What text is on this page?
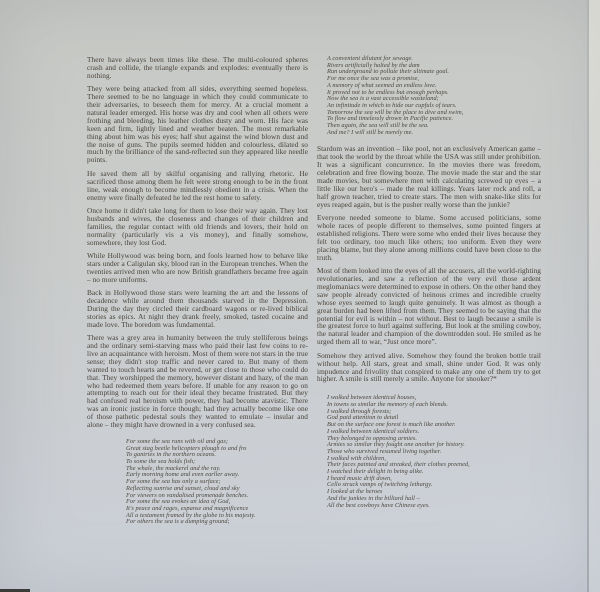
There have always been times like these. The multi-coloured spheres crash and collide, the triangle expands and explodes: eventually there is nothing.

They were being attacked from all sides, everything seemed hopeless. There seemed to be no language in which they could communicate to their adversaries, to beseech them for mercy. At a crucial moment a natural leader emerged. His horse was dry and cool when all others were frothing and bleeding, his leather clothes dusty and worn. His face was keen and firm, lightly lined and weather beaten. The most remarkable thing about him was his eyes; half shut against the wind blown dust and the noise of guns. The pupils seemed hidden and colourless, dilated so much by the brilliance of the sand-reflected sun they appeared like needle points.

He saved them all by skilful organising and rallying rhetoric. He sacrificed those among them he felt were strong enough to be in the front line, weak enough to become mindlessly obedient in a crisis. When the enemy were finally defeated he led the rest home to safety.

Once home it didn't take long for them to lose their way again. They lost husbands and wives, the closeness and changes of their children and families, the regular contact with old friends and lovers, their hold on normality (particularly vis a vis money), and finally somehow, somewhere, they lost God.

While Hollywood was being born, and fools learned how to behave like stars under a Caligulan sky, blood ran in the European trenches. When the twenties arrived men who are now British grandfathers became free again – no more uniforms.

Back in Hollywood those stars were learning the art and the lessons of decadence while around them thousands starved in the Depression. During the day they circled their cardboard wagons or re-lived biblical stories as epics. At night they drank freely, smoked, tasted cocaine and made love. The boredom was fundamental.

There was a grey area in humanity between the truly stelliferous beings and the ordinary semi-starving mass who paid their last few coins to re-live an acquaintance with heroism. Most of them were not stars in the true sense; they didn't stop traffic and never cared to. But many of them wanted to touch hearts and be revered, or get close to those who could do that. They worshipped the memory, however distant and hazy, of the man who had redeemed them years before. If unable for any reason to go on attempting to reach out for their ideal they became frustrated. But they had confused real heroism with power, they had become atavistic. There was an ironic justice in force though; had they actually become like one of those pathetic pedestal souls they wanted to emulate – insular and alone – they might have drowned in a very confused sea.

For some the sea runs with oil and gas;
Great stag beetle helicopters plough to and fro
To gantries in the northern oceans.
To some the sea holds fish;
The whale, the mackerel and the ray.
Early morning home and even earlier away.
For some the sea has only a surface;
Reflecting sunrise and sunset, cloud and sky
For viewers on vandalised promenade benches.
For some the sea evokes an idea of God,
It's peace and rages, expanse and magnificence
All a testament framed by the globe to his majesty.
For others the sea is a dumping ground;
A convenient dilutant for sewage.
Rivers artificially halted by the dam
Run underground to pollute their ultimate goal.
For me once the sea was a promise,
A memory of what seemed an endless love.
It proved not to be endless but enough perhaps.
Now the sea is a vast accessible wasteland;
An infinitude in which to hide our cupfuls of tears.
Tomorrow the sea will be the place to dive and swim,
To flow and timelessly drown in Pacific patience.
Then again, the sea will still be the sea.
And me? I will still be merely me.

Stardom was an invention – like pool, not an exclusively American game – that took the world by the throat while the USA was still under prohibition. It was a significant concurrence. In the movies there was freedom, celebration and free flowing booze. The movie made the star and the star made movies, but somewhere men with calculating screwed up eyes – a little like our hero's – made the real killings. Years later rock and roll, a half grown teacher, tried to create stars. The men with snake-like slits for eyes reaped again, but is the pusher really worse than the junkie?

Everyone needed someone to blame. Some accused politicians, some whole races of people different to themselves, some pointed fingers at established religions. There were some who ended their lives because they felt too ordinary, too much like others; too uniform. Even they were placing blame, but they alone among millions could have been close to the truth.

Most of them looked into the eyes of all the accusers, all the world-righting revolutionaries, and saw a reflection of the very evil those ardent meglomaniacs were determined to expose in others. On the other hand they saw people already convicted of heinous crimes and incredible cruelty whose eyes seemed to laugh quite genuinely. It was almost as though a great burden had been lifted from them. They seemed to be saying that the potential for evil is within – not without. Best to laugh because a smile is the greatest force to hurl against suffering. But look at the smiling cowboy, the natural leader and champion of the downtrodden soul. He smiled as he urged them all to war, “Just once more”.

Somehow they arrived alive. Somehow they found the broken bottle trail without help. All stars, great and small, shine under God. It was only impudence and frivolity that conspired to make any one of them try to get higher. A smile is still merely a smile. Anyone for snooker?*

I walked between identical houses,
In towns so similar the memory of each blends.
I walked through forests;
God paid attention to detail
But on the surface one forest is much like another.
I walked between identical soldiers.
They belonged to opposing armies.
Armies so similar they fought one another for history.
Those who survived resumed living together.
I walked with children,
Their faces painted and streaked, their clothes preened,
I watched their delight in being alike.
I heard music drift down,
Cello struck vamps of twitching lethargy.
I looked at the heroes
And the junkies in the billiard hall –
All the best cowboys have Chinese eyes.
